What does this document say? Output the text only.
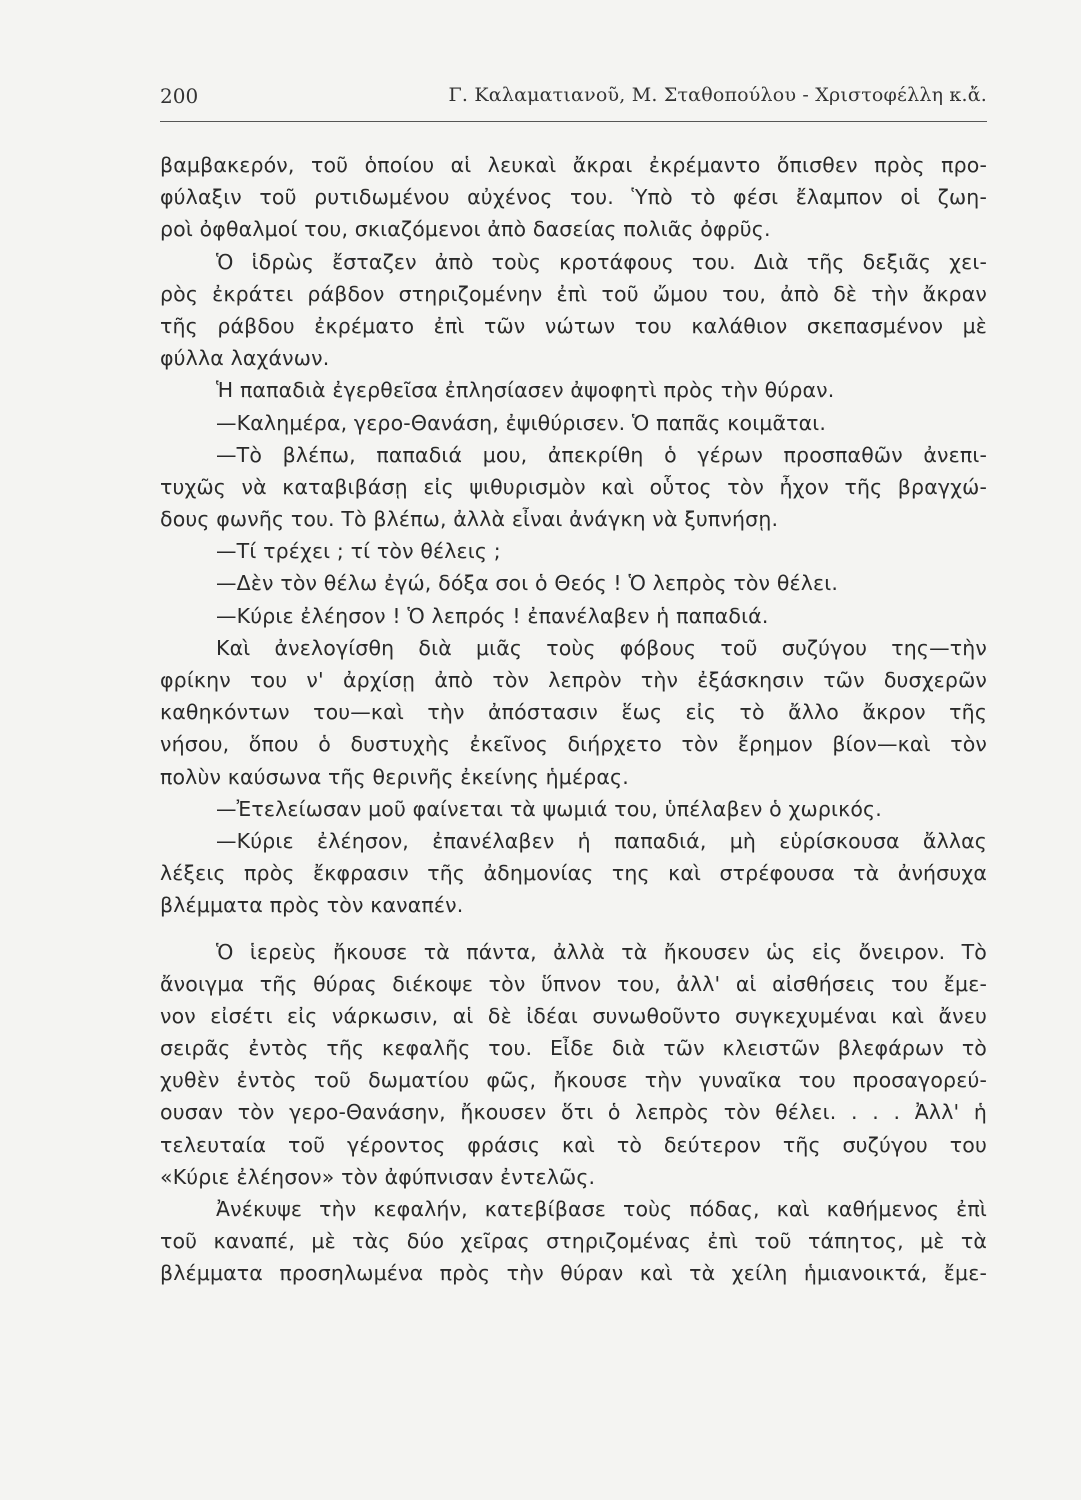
200	Γ. Καλαματιανοῦ, Μ. Σταθοπούλου - Χριστοφέλλη κ.ἄ.
βαμβακερόν, τοῦ ὁποίου αἱ λευκαὶ ἄκραι ἐκρέμαντο ὄπισθεν πρὸς προ-
φύλαξιν τοῦ ρυτιδωμένου αὐχένος του. Ὑπὸ τὸ φέσι ἔλαμπον οἱ ζωη-
ροὶ ὀφθαλμοί του, σκιαζόμενοι ἀπὸ δασείας πολιᾶς ὀφρῦς.
Ὁ ἱδρὼς ἔσταζεν ἀπὸ τοὺς κροτάφους του. Διὰ τῆς δεξιᾶς χει-
ρὸς ἐκράτει ράβδον στηριζομένην ἐπὶ τοῦ ὤμου του, ἀπὸ δὲ τὴν ἄκραν
τῆς ράβδου ἐκρέματο ἐπὶ τῶν νώτων του καλάθιον σκεπασμένον μὲ
φύλλα λαχάνων.
Ἡ παπαδιὰ ἐγερθεῖσα ἐπλησίασεν ἀψοφητὶ πρὸς τὴν θύραν.
—Καλημέρα, γερο-Θανάση, ἐψιθύρισεν. Ὁ παπᾶς κοιμᾶται.
—Τὸ βλέπω, παπαδιά μου, ἀπεκρίθη ὁ γέρων προσπαθῶν ἀνεπι-
τυχῶς νὰ καταβιβάσῃ εἰς ψιθυρισμὸν καὶ οὗτος τὸν ἦχον τῆς βραγχώ-
δους φωνῆς του. Τὸ βλέπω, ἀλλὰ εἶναι ἀνάγκη νὰ ξυπνήσῃ.
—Τί τρέχει ; τί τὸν θέλεις ;
—Δὲν τὸν θέλω ἐγώ, δόξα σοι ὁ Θεός ! Ὁ λεπρὸς τὸν θέλει.
—Κύριε ἐλέησον ! Ὁ λεπρός ! ἐπανέλαβεν ἡ παπαδιά.
Καὶ ἀνελογίσθη διὰ μιᾶς τοὺς φόβους τοῦ συζύγου της—τὴν
φρίκην του ν' ἀρχίσῃ ἀπὸ τὸν λεπρὸν τὴν ἐξάσκησιν τῶν δυσχερῶν
καθηκόντων του—καὶ τὴν ἀπόστασιν ἕως εἰς τὸ ἄλλο ἄκρον τῆς
νήσου, ὅπου ὁ δυστυχὴς ἐκεῖνος διήρχετο τὸν ἔρημον βίον—καὶ τὸν
πολὺν καύσωνα τῆς θερινῆς ἐκείνης ἡμέρας.
—Ἐτελείωσαν μοῦ φαίνεται τὰ ψωμιά του, ὑπέλαβεν ὁ χωρικός.
—Κύριε ἐλέησον, ἐπανέλαβεν ἡ παπαδιά, μὴ εὑρίσκουσα ἄλλας
λέξεις πρὸς ἔκφρασιν τῆς ἀδημονίας της καὶ στρέφουσα τὰ ἀνήσυχα
βλέμματα πρὸς τὸν καναπέν.
Ὁ ἱερεὺς ἤκουσε τὰ πάντα, ἀλλὰ τὰ ἤκουσεν ὡς εἰς ὄνειρον. Τὸ
ἄνοιγμα τῆς θύρας διέκοψε τὸν ὕπνον του, ἀλλ' αἱ αἰσθήσεις του ἔμε-
νον εἰσέτι εἰς νάρκωσιν, αἱ δὲ ἰδέαι συνωθοῦντο συγκεχυμέναι καὶ ἄνευ
σειρᾶς ἐντὸς τῆς κεφαλῆς του. Εἶδε διὰ τῶν κλειστῶν βλεφάρων τὸ
χυθὲν ἐντὸς τοῦ δωματίου φῶς, ἤκουσε τὴν γυναῖκα του προσαγορεύ-
ουσαν τὸν γερο-Θανάσην, ἤκουσεν ὅτι ὁ λεπρὸς τὸν θέλει. . . . Ἀλλ' ἡ
τελευταία τοῦ γέροντος φράσις καὶ τὸ δεύτερον τῆς συζύγου του
«Κύριε ἐλέησον» τὸν ἀφύπνισαν ἐντελῶς.
Ἀνέκυψε τὴν κεφαλήν, κατεβίβασε τοὺς πόδας, καὶ καθήμενος ἐπὶ
τοῦ καναπέ, μὲ τὰς δύο χεῖρας στηριζομένας ἐπὶ τοῦ τάπητος, μὲ τὰ
βλέμματα προσηλωμένα πρὸς τὴν θύραν καὶ τὰ χείλη ἡμιανοικτά, ἔμε-
